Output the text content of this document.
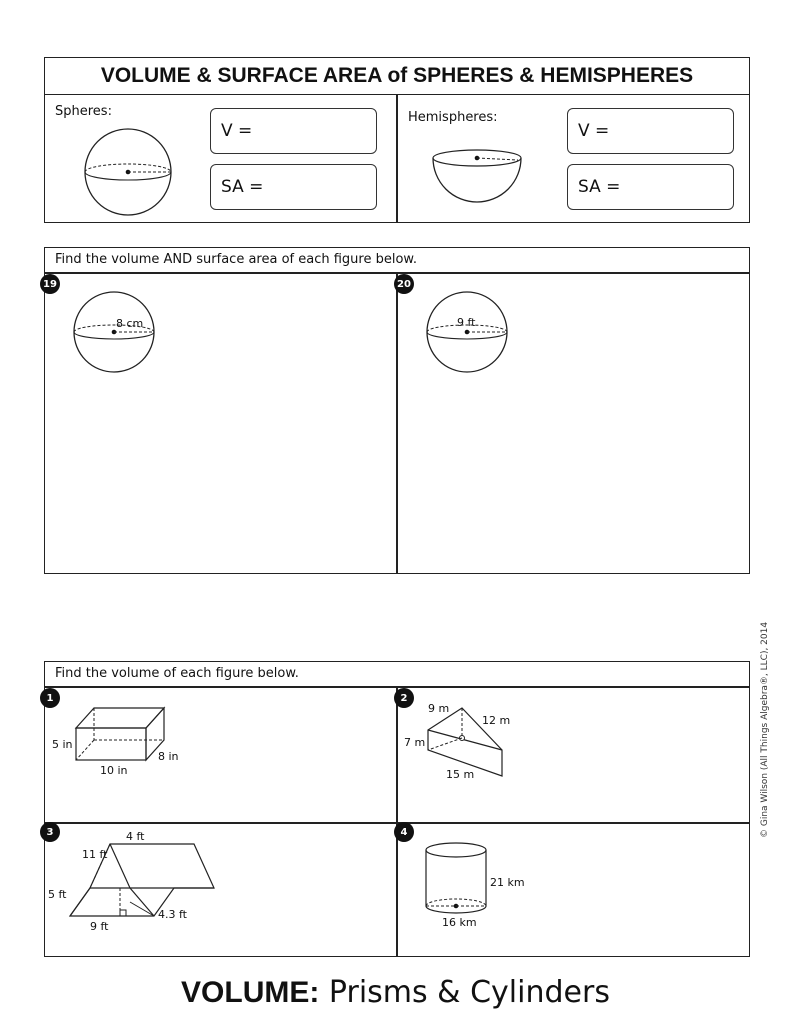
VOLUME & SURFACE AREA of SPHERES & HEMISPHERES
Spheres:
V =
SA =
Hemispheres:
V =
SA =
Find the volume AND surface area of each figure below.
19
8 cm
20
9 ft
Find the volume of each figure below.
1
5 in
10 in
8 in
2
9 m
12 m
7 m
15 m
3	4 ft
11 ft
5 ft
9 ft
4.3 ft
4
21 km
16 km
© Gina Wilson (All Things Algebra®, LLC), 2014
VOLUME: Prisms & Cylinders
